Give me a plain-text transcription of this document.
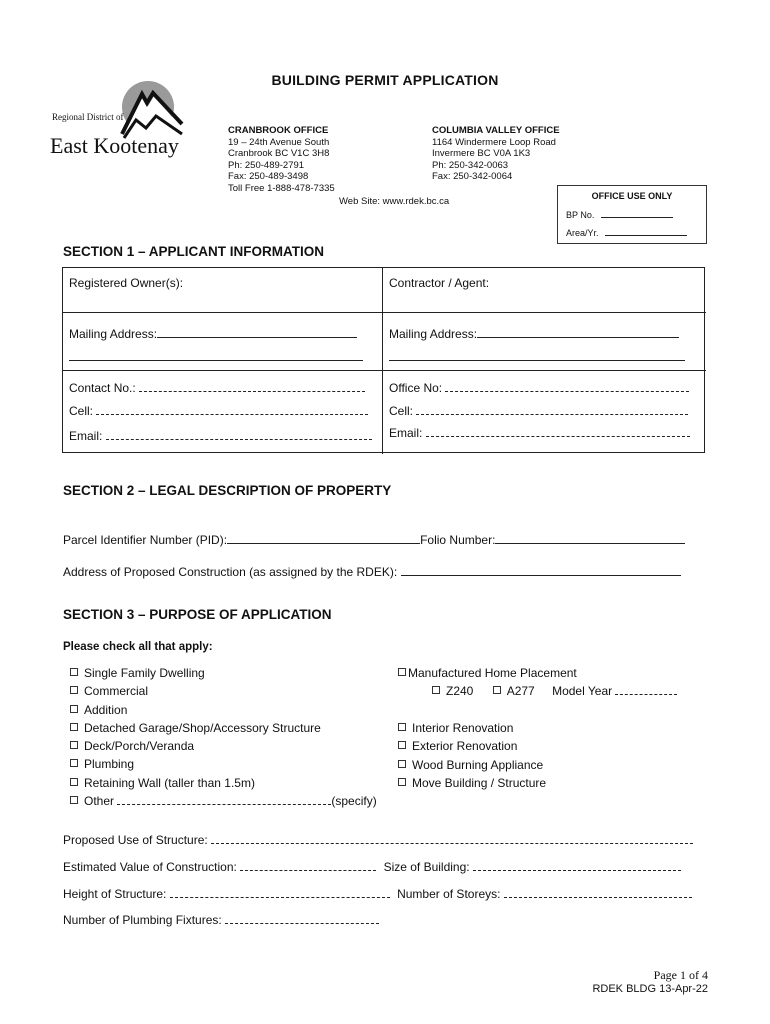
BUILDING PERMIT APPLICATION
Regional District of
East Kootenay
CRANBROOK OFFICE
19 – 24th Avenue South
Cranbrook BC V1C 3H8
Ph: 250-489-2791
Fax: 250-489-3498
Toll Free 1-888-478-7335
COLUMBIA VALLEY OFFICE
1164 Windermere Loop Road
Invermere BC V0A 1K3
Ph: 250-342-0063
Fax: 250-342-0064
Web Site: www.rdek.bc.ca	OFFICE USE ONLY
BP No.
Area/Yr.
SECTION 1 – APPLICANT INFORMATION
Registered Owner(s):	Contractor / Agent:
Mailing Address:	Mailing Address:
Contact No.:	Office No:
Cell:	Cell:
Email:	Email:
SECTION 2 – LEGAL DESCRIPTION OF PROPERTY
Parcel Identifier Number (PID):	Folio Number:
Address of Proposed Construction (as assigned by the RDEK):
SECTION 3 – PURPOSE OF APPLICATION
Please check all that apply:
Single Family Dwelling
Commercial
Addition
Detached Garage/Shop/Accessory Structure
Deck/Porch/Veranda
Plumbing
Retaining Wall (taller than 1.5m)
Other	(specify)
Manufactured Home Placement
Z240	A277 Model Year
Interior Renovation
Exterior Renovation
Wood Burning Appliance
Move Building / Structure
Proposed Use of Structure:
Estimated Value of Construction:	Size of Building:
Height of Structure:	Number of Storeys:
Number of Plumbing Fixtures:
Page 1 of 4
RDEK BLDG 13-Apr-22
